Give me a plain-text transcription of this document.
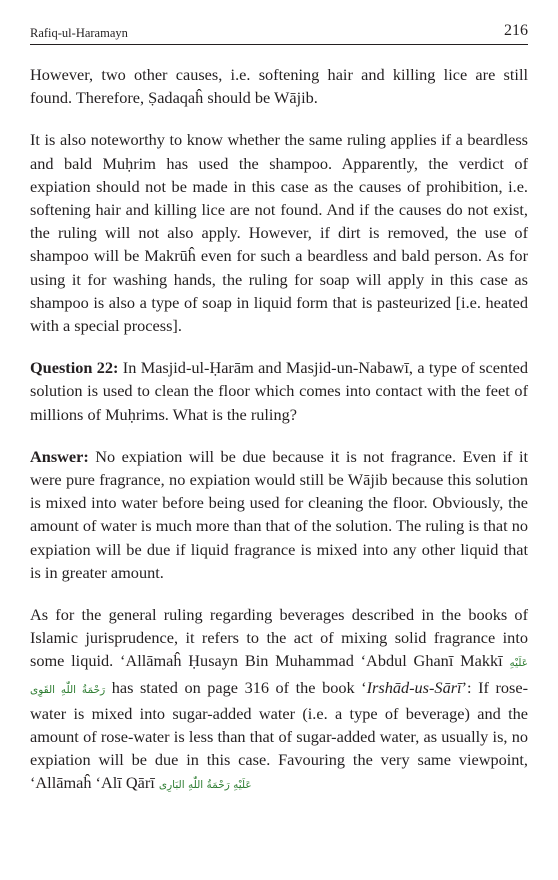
Rafiq-ul-Haramayn	216

However, two other causes, i.e. softening hair and killing lice are still found. Therefore, Ṣadaqaĥ should be Wājib.

It is also noteworthy to know whether the same ruling applies if a beardless and bald Muḥrim has used the shampoo. Apparently, the verdict of expiation should not be made in this case as the causes of prohibition, i.e. softening hair and killing lice are not found. And if the causes do not exist, the ruling will not also apply. However, if dirt is removed, the use of shampoo will be Makrūĥ even for such a beardless and bald person. As for using it for washing hands, the ruling for soap will apply in this case as shampoo is also a type of soap in liquid form that is pasteurized [i.e. heated with a special process].

Question 22: In Masjid-ul-Ḥarām and Masjid-un-Nabawī, a type of scented solution is used to clean the floor which comes into contact with the feet of millions of Muḥrims. What is the ruling?

Answer: No expiation will be due because it is not fragrance. Even if it were pure fragrance, no expiation would still be Wājib because this solution is mixed into water before being used for cleaning the floor. Obviously, the amount of water is much more than that of the solution. The ruling is that no expiation will be due if liquid fragrance is mixed into any other liquid that is in greater amount.

As for the general ruling regarding beverages described in the books of Islamic jurisprudence, it refers to the act of mixing solid fragrance into some liquid. ‘Allāmaĥ Ḥusayn Bin Muhammad ‘Abdul Ghanī Makkī عَلَيْهِ رَحْمَةُ اللّٰهِ القَوِى has stated on page 316 of the book ‘Irshād-us-Sārī’: If rose-water is mixed into sugar-added water (i.e. a type of beverage) and the amount of rose-water is less than that of sugar-added water, as usually is, no expiation will be due in this case. Favouring the very same viewpoint, ‘Allāmaĥ ‘Alī Qārī عَلَيْهِ رَحْمَةُ اللّٰهِ البَارِى
